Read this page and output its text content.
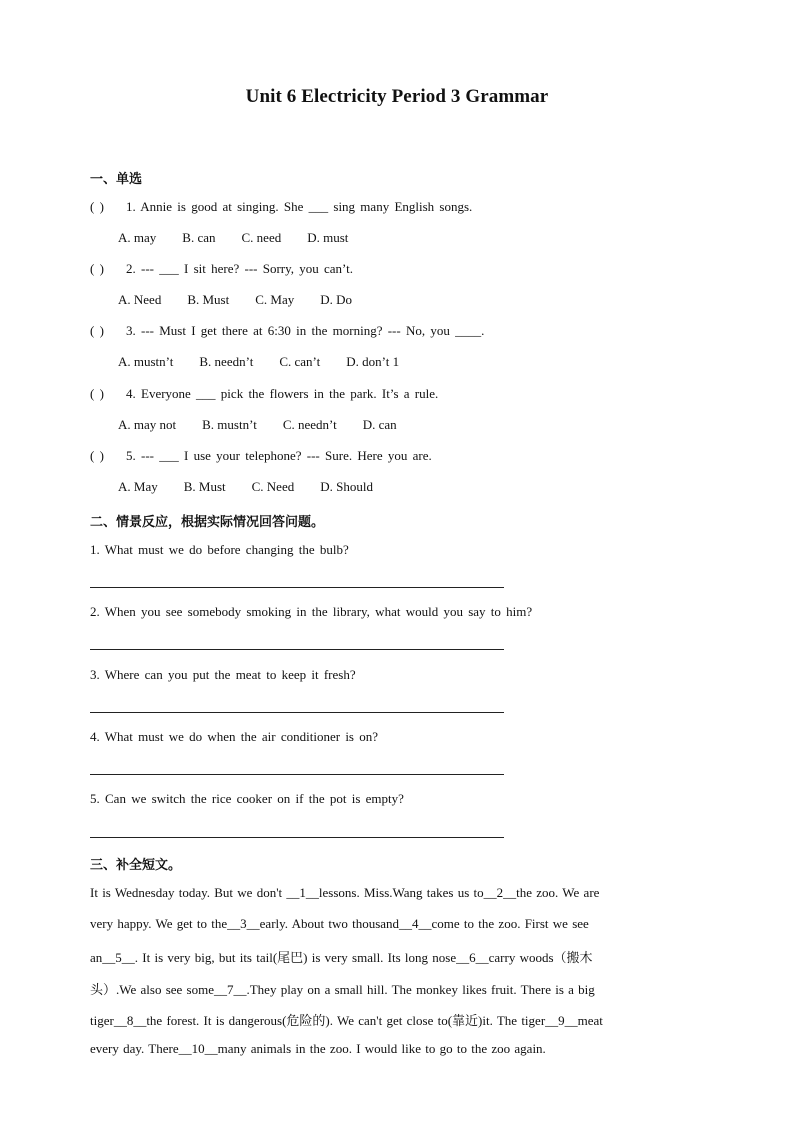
Unit 6 Electricity Period 3 Grammar
一、单选
( ) 1. Annie is good at singing. She ___ sing many English songs.
A. may B. can C. need D. must
( ) 2. --- ___ I sit here? --- Sorry, you can’t.
A. Need B. Must C. May D. Do
( ) 3. --- Must I get there at 6:30 in the morning? --- No, you ____.
A. mustn’t B. needn’t C. can’t D. don’t 1
( ) 4. Everyone ___ pick the flowers in the park. It’s a rule.
A. may not B. mustn’t C. needn’t D. can
( ) 5. --- ___ I use your telephone? --- Sure. Here you are.
A. May B. Must C. Need D. Should
二、情景反应，根据实际情况回答问题。
1. What must we do before changing the bulb?
2. When you see somebody smoking in the library, what would you say to him?
3. Where can you put the meat to keep it fresh?
4. What must we do when the air conditioner is on?
5. Can we switch the rice cooker on if the pot is empty?
三、补全短文。
It is Wednesday today. But we don't __1__lessons. Miss.Wang takes us to__2__the zoo. We are
very happy. We get to the__3__early. About two thousand__4__come to the zoo. First we see
an__5__. It is very big, but its tail(尾巴) is very small. Its long nose__6__carry woods（搬木
头）.We also see some__7__.They play on a small hill. The monkey likes fruit. There is a big
tiger__8__the forest. It is dangerous(危险的). We can't get close to(靠近)it. The tiger__9__meat
every day. There__10__many animals in the zoo. I would like to go to the zoo again.
